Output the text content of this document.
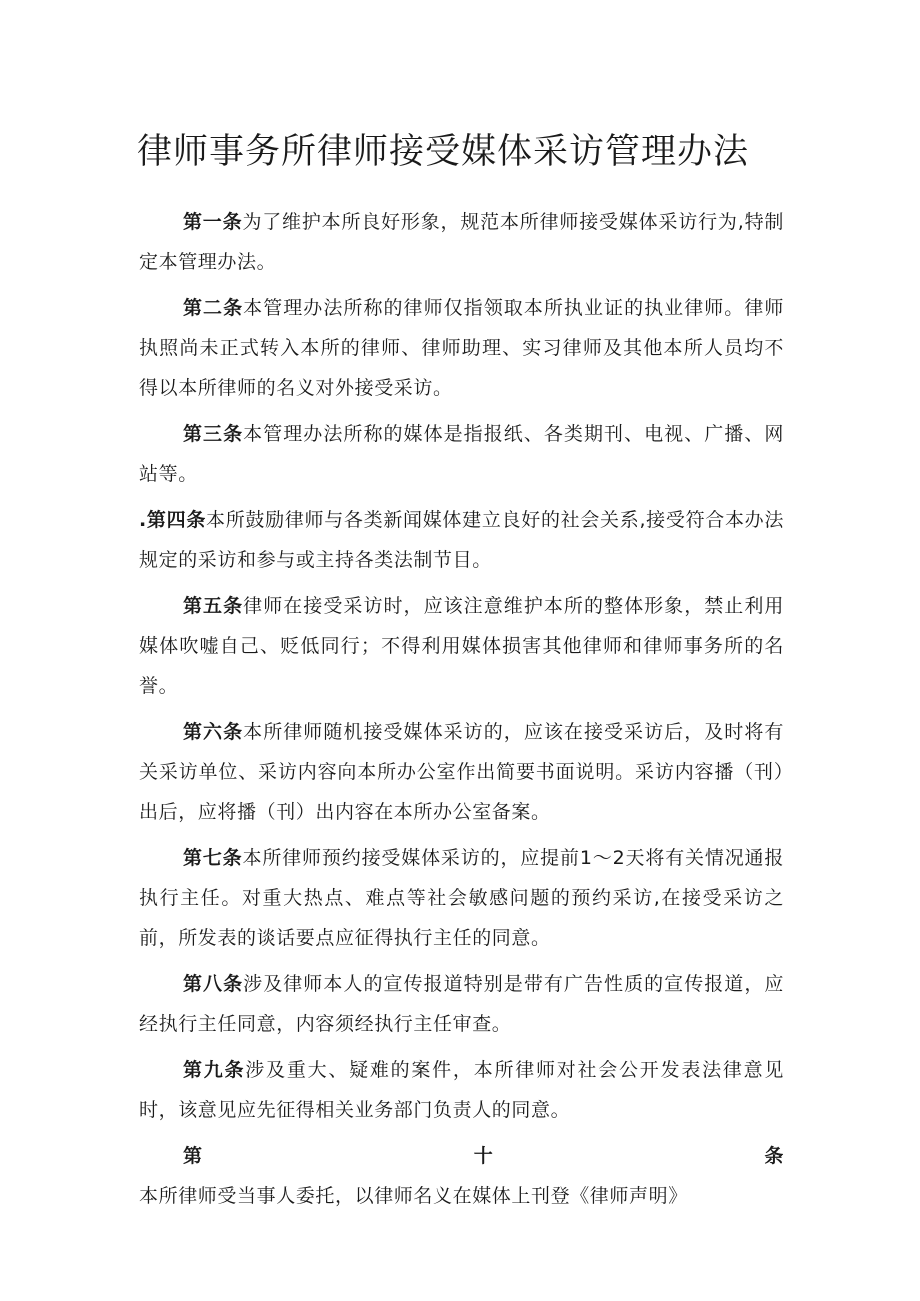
律师事务所律师接受媒体采访管理办法

第一条为了维护本所良好形象，规范本所律师接受媒体采访行为,特制定本管理办法。

第二条本管理办法所称的律师仅指领取本所执业证的执业律师。律师执照尚未正式转入本所的律师、律师助理、实习律师及其他本所人员均不得以本所律师的名义对外接受采访。

第三条本管理办法所称的媒体是指报纸、各类期刊、电视、广播、网站等。

.第四条本所鼓励律师与各类新闻媒体建立良好的社会关系,接受符合本办法规定的采访和参与或主持各类法制节目。

第五条律师在接受采访时，应该注意维护本所的整体形象，禁止利用媒体吹嘘自己、贬低同行；不得利用媒体损害其他律师和律师事务所的名誉。

第六条本所律师随机接受媒体采访的，应该在接受采访后，及时将有关采访单位、采访内容向本所办公室作出简要书面说明。采访内容播（刊）出后，应将播（刊）出内容在本所办公室备案。

第七条本所律师预约接受媒体采访的，应提前1〜2天将有关情况通报执行主任。对重大热点、难点等社会敏感问题的预约采访,在接受采访之前，所发表的谈话要点应征得执行主任的同意。

第八条涉及律师本人的宣传报道特别是带有广告性质的宣传报道，应经执行主任同意，内容须经执行主任审查。

第九条涉及重大、疑难的案件，本所律师对社会公开发表法律意见时，该意见应先征得相关业务部门负责人的同意。

第十条本所律师受当事人委托，以律师名义在媒体上刊登《律师声明》
